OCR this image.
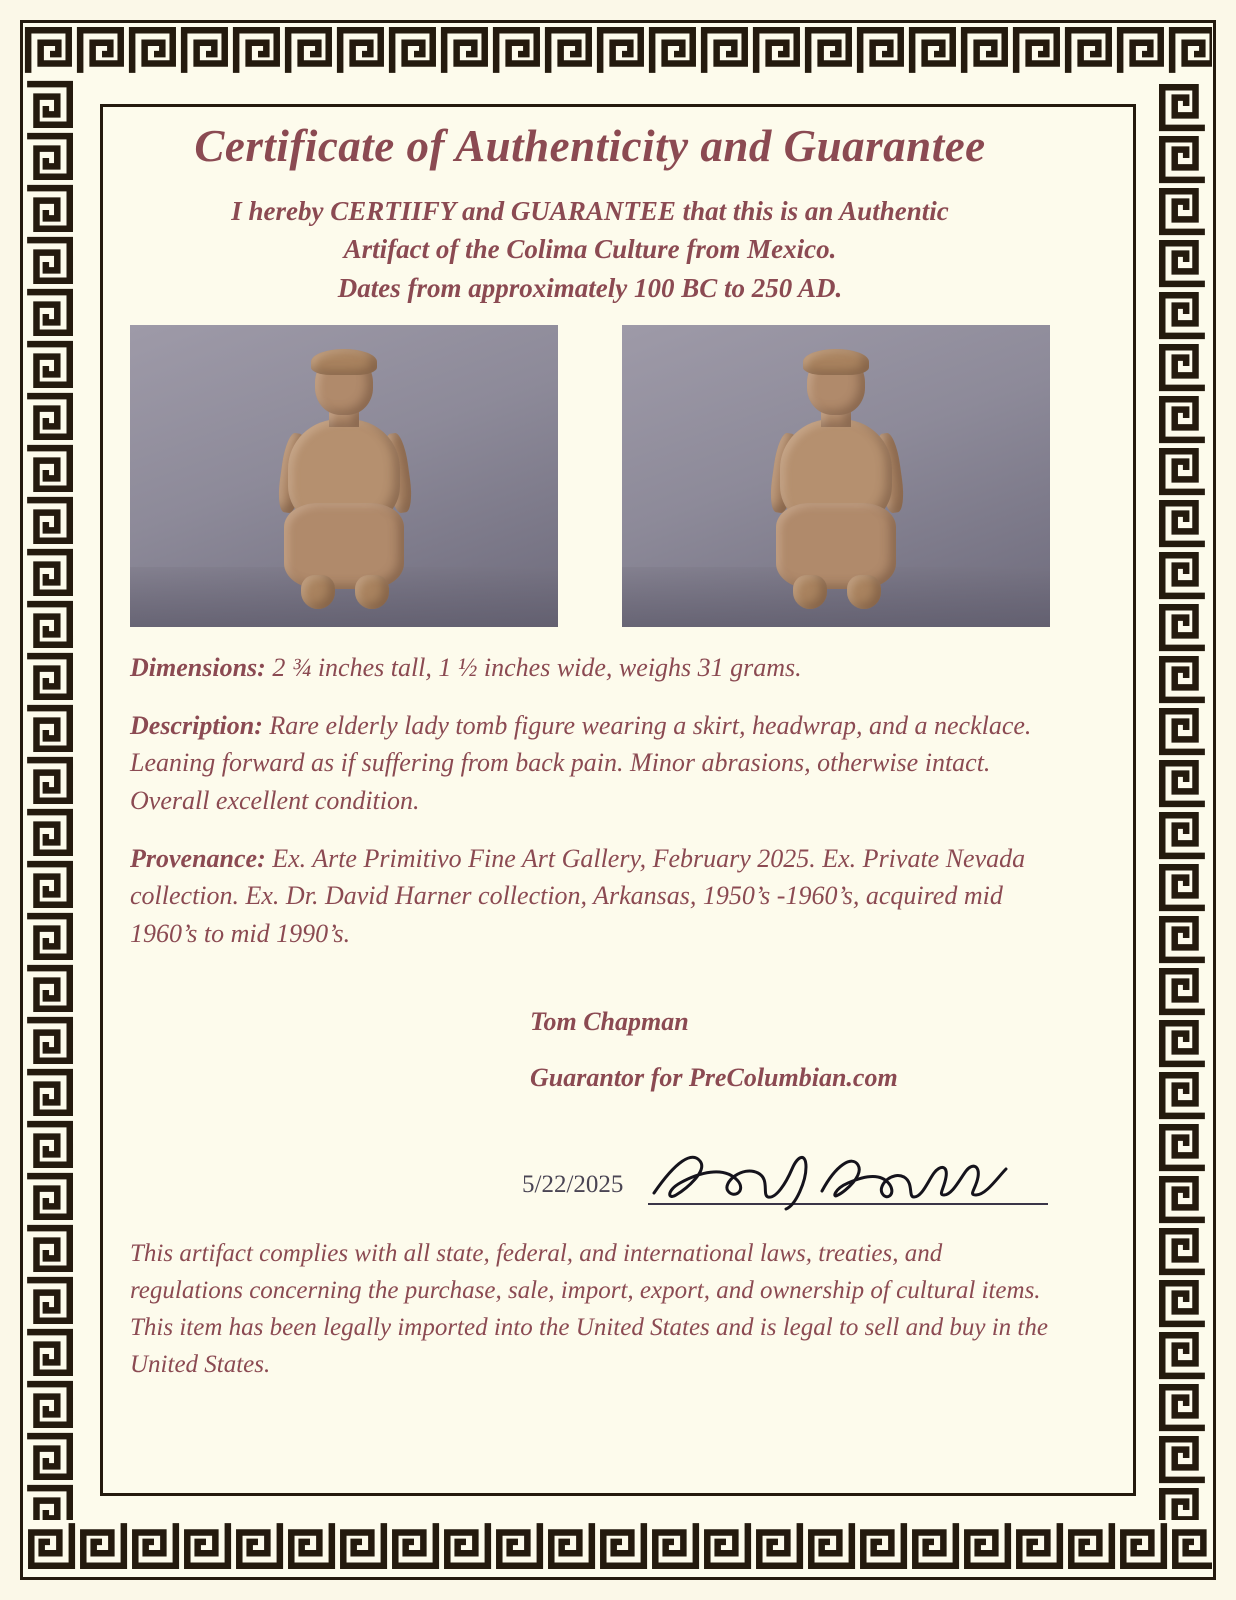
Certificate of Authenticity and Guarantee
I hereby CERTIIFY and GUARANTEE that this is an Authentic
Artifact of the Colima Culture from Mexico.
Dates from approximately 100 BC to 250 AD.

Dimensions: 2 ¾ inches tall, 1 ½ inches wide, weighs 31 grams.

Description: Rare elderly lady tomb figure wearing a skirt, headwrap, and a necklace. Leaning forward as if suffering from back pain. Minor abrasions, otherwise intact. Overall excellent condition.

Provenance: Ex. Arte Primitivo Fine Art Gallery, February 2025. Ex. Private Nevada collection. Ex. Dr. David Harner collection, Arkansas, 1950’s -1960’s, acquired mid 1960’s to mid 1990’s.

Tom Chapman
Guarantor for PreColumbian.com
5/22/2025

This artifact complies with all state, federal, and international laws, treaties, and regulations concerning the purchase, sale, import, export, and ownership of cultural items. This item has been legally imported into the United States and is legal to sell and buy in the United States.
